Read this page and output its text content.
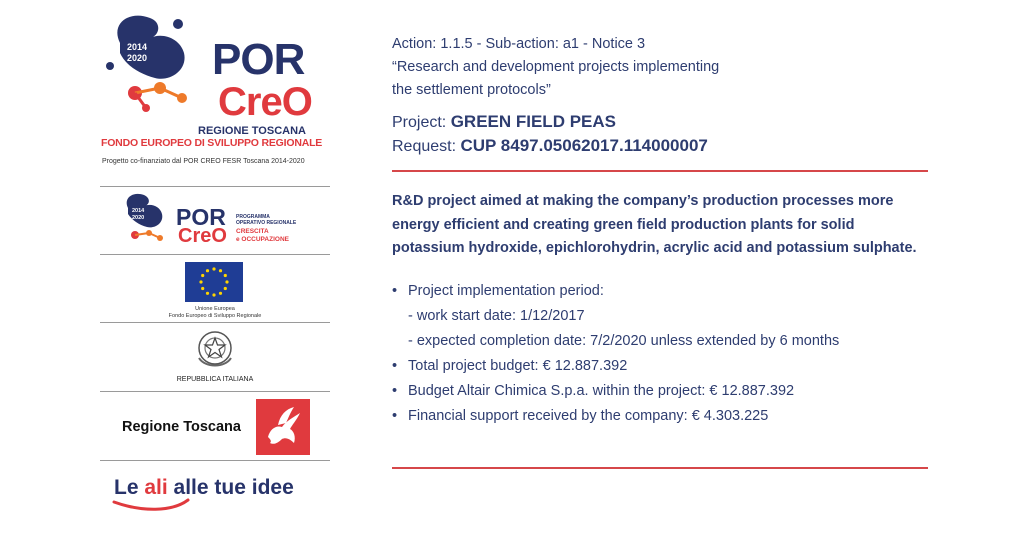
2014
2020 POR
CreO
REGIONE TOSCANA
FONDO EUROPEO DI SVILUPPO REGIONALE
Progetto co-finanziato dal POR CREO FESR Toscana 2014-2020
2014
2020 POR
CreO
PROGRAMMA
OPERATIVO REGIONALE
CRESCITA
e OCCUPAZIONE
Unione Europea
Fondo Europeo di Sviluppo Regionale
REPUBBLICA ITALIANA
Regione Toscana
Le ali alle tue idee
Action: 1.1.5 - Sub-action: a1 - Notice 3
“Research and development projects implementing
the settlement protocols”
Project: GREEN FIELD PEAS
Request: CUP 8497.05062017.114000007
R&D project aimed at making the company’s production processes more energy efficient and creating green field production plants for solid potassium hydroxide, epichlorohydrin, acrylic acid and potassium sulphate.
• Project implementation period:
- work start date: 1/12/2017
- expected completion date: 7/2/2020 unless extended by 6 months
• Total project budget: € 12.887.392
• Budget Altair Chimica S.p.a. within the project: € 12.887.392
• Financial support received by the company: € 4.303.225
